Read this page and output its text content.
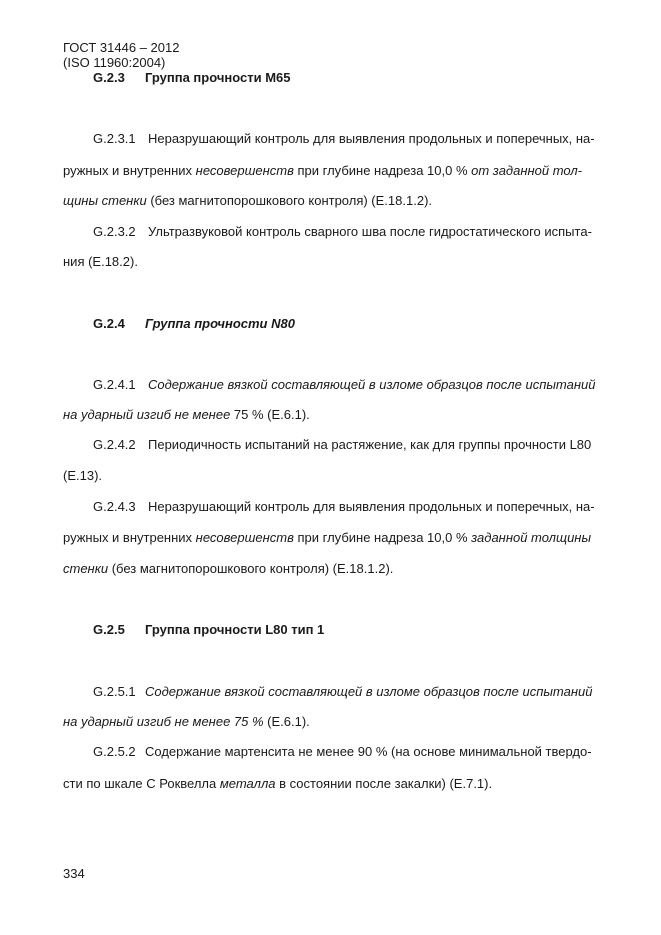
ГОСТ 31446 – 2012
(ISO 11960:2004)
G.2.3 Группа прочности М65
G.2.3.1 Неразрушающий контроль для выявления продольных и поперечных, на-
ружных и внутренних несовершенств при глубине надреза 10,0 % от заданной тол-
щины стенки (без магнитопорошкового контроля) (Е.18.1.2).
G.2.3.2 Ультразвуковой контроль сварного шва после гидростатического испыта-
ния (Е.18.2).
G.2.4 Группа прочности N80
G.2.4.1 Содержание вязкой составляющей в изломе образцов после испытаний
на ударный изгиб не менее 75 % (Е.6.1).
G.2.4.2 Периодичность испытаний на растяжение, как для группы прочности L80
(Е.13).
G.2.4.3 Неразрушающий контроль для выявления продольных и поперечных, на-
ружных и внутренних несовершенств при глубине надреза 10,0 % заданной толщины
стенки (без магнитопорошкового контроля) (Е.18.1.2).
G.2.5 Группа прочности L80 тип 1
G.2.5.1 Содержание вязкой составляющей в изломе образцов после испытаний
на ударный изгиб не менее 75 % (Е.6.1).
G.2.5.2 Содержание мартенсита не менее 90 % (на основе минимальной твердо-
сти по шкале С Роквелла металла в состоянии после закалки) (Е.7.1).
334
